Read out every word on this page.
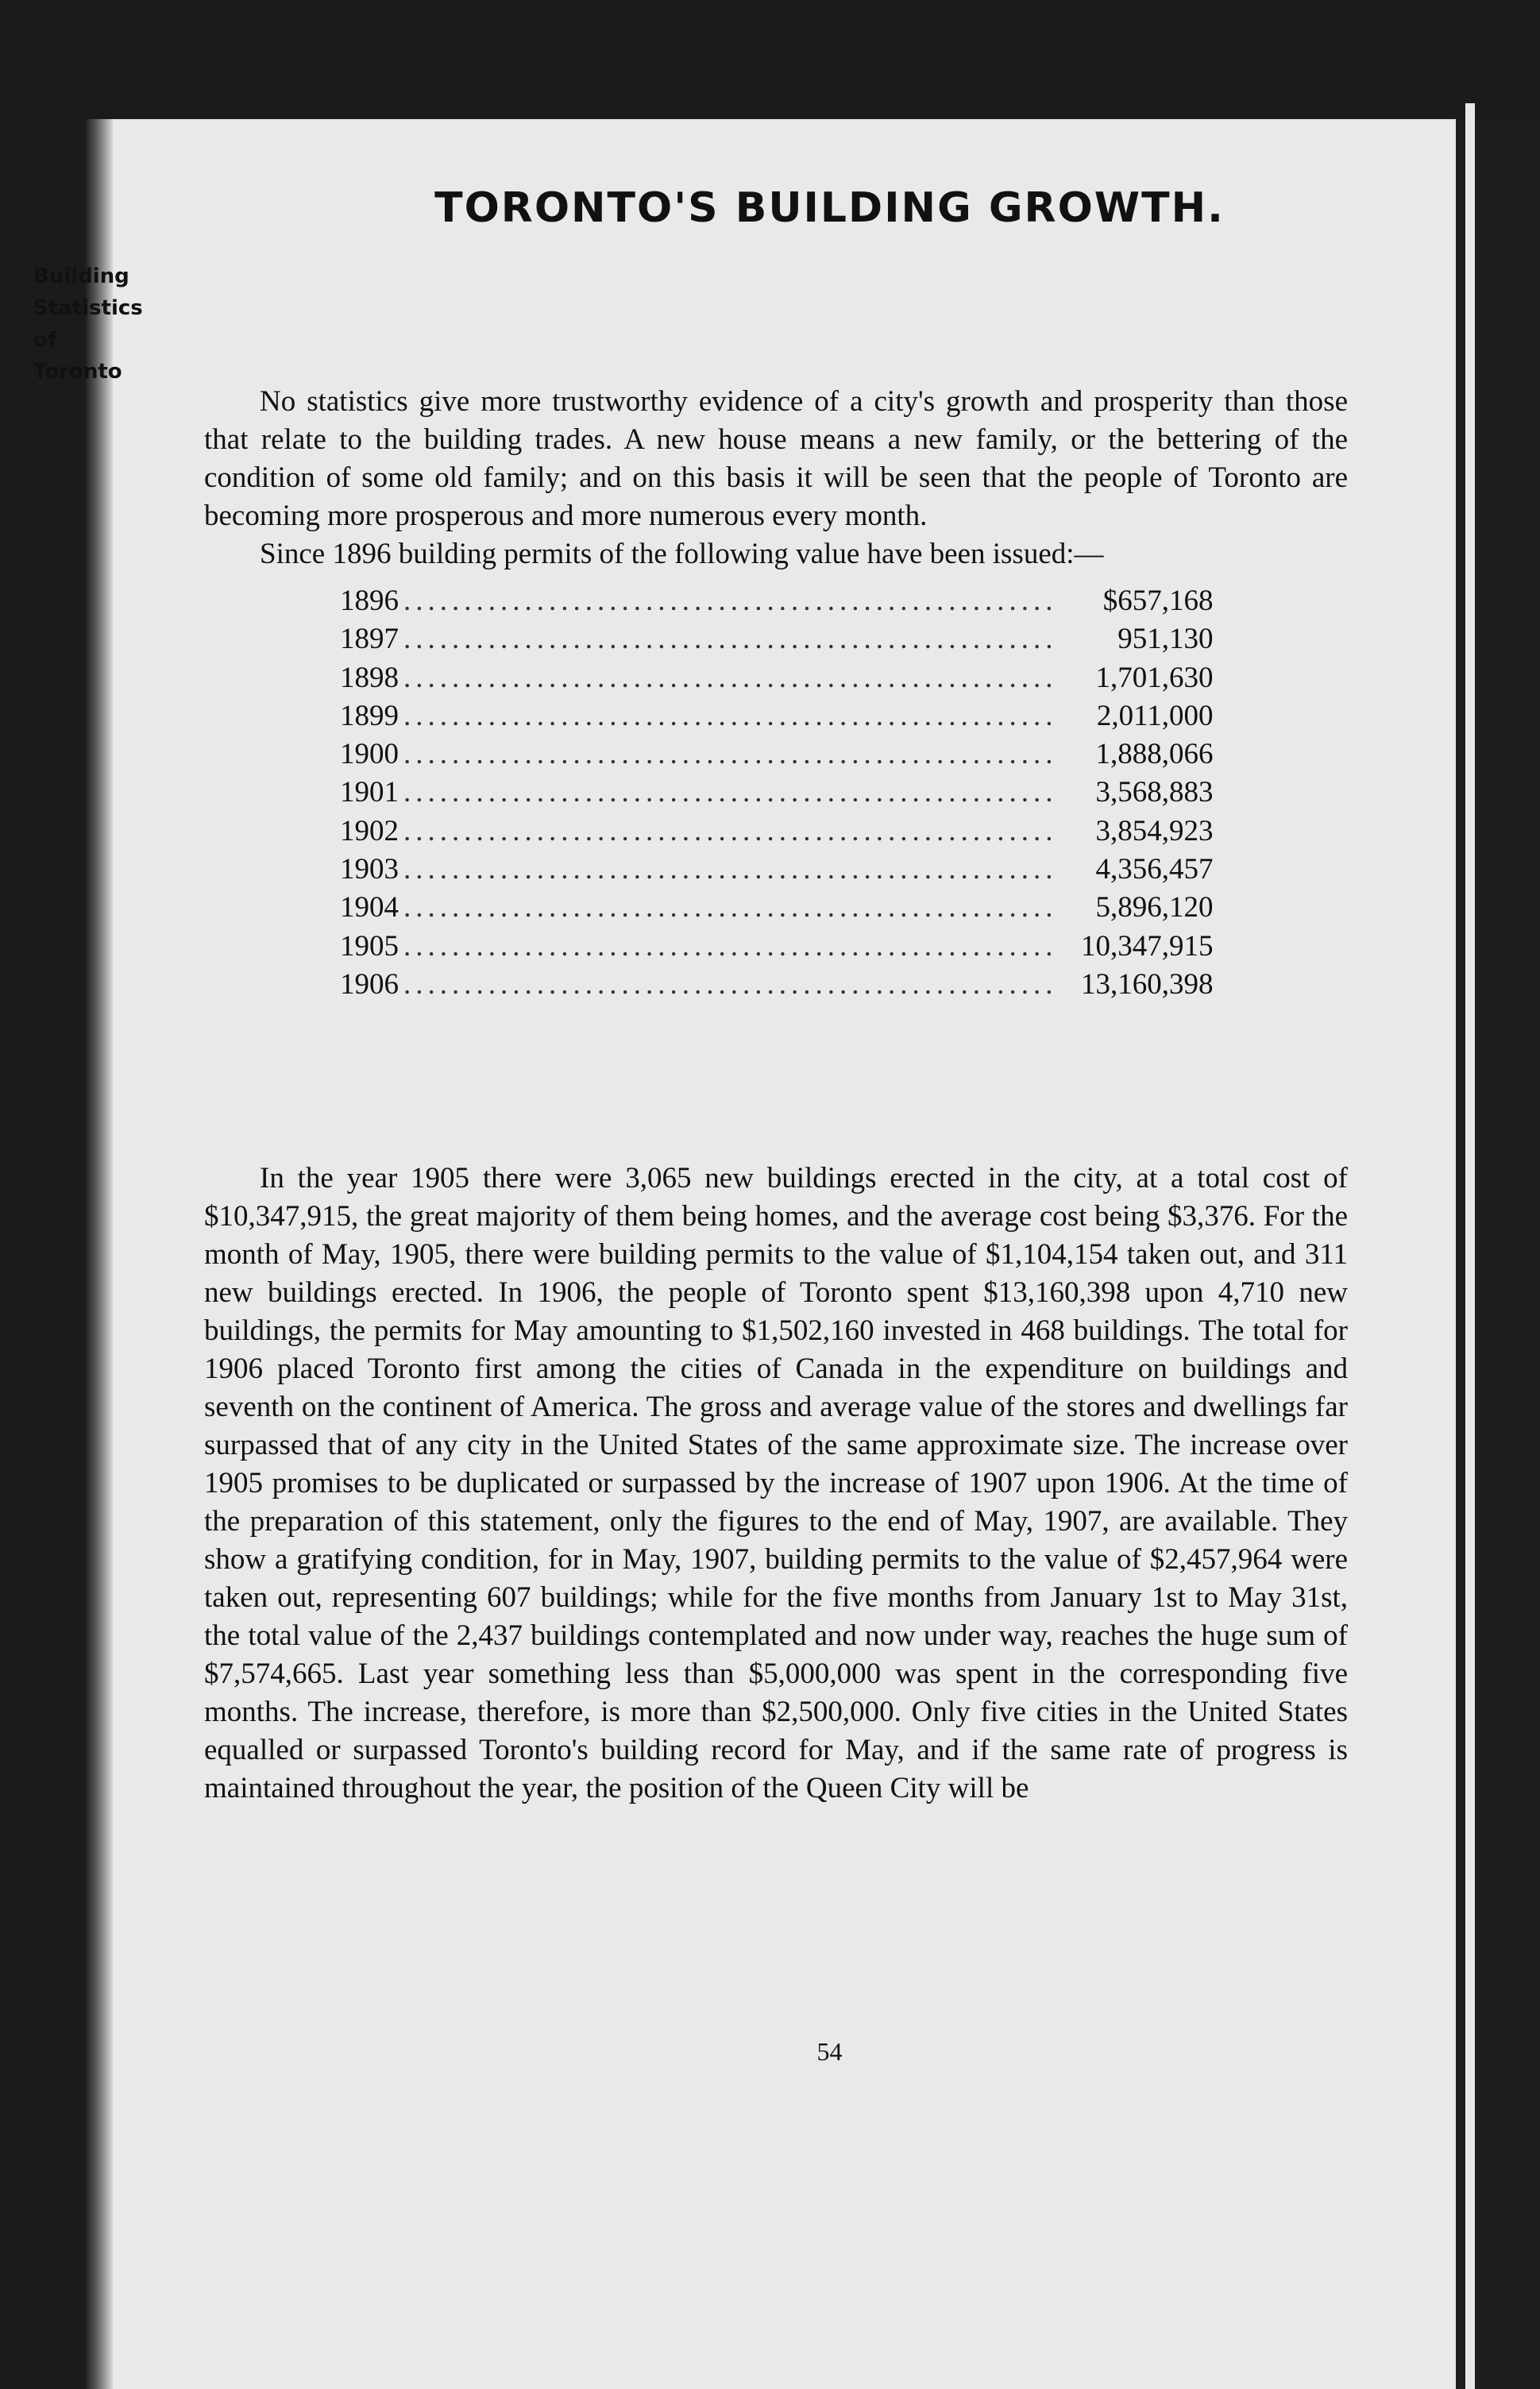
Building
Statistics
of
Toronto
TORONTO'S BUILDING GROWTH.

No statistics give more trustworthy evidence of a city's growth and prosperity than those that relate to the building trades. A new house means a new family, or the bettering of the condition of some old family; and on this basis it will be seen that the people of Toronto are becoming more prosperous and more numerous every month.

Since 1896 building permits of the following value have been issued:—

1896 ......................................................	$657,168
1897 ......................................................	951,130
1898 ......................................................	1,701,630
1899 ......................................................	2,011,000
1900 ......................................................	1,888,066
1901 ......................................................	3,568,883
1902 ......................................................	3,854,923
1903 ......................................................	4,356,457
1904 ......................................................	5,896,120
1905 ...................................................... 10,347,915
1906 ...................................................... 13,160,398

In the year 1905 there were 3,065 new buildings erected in the city, at a total cost of $10,347,915, the great majority of them being homes, and the average cost being $3,376. For the month of May, 1905, there were building permits to the value of $1,104,154 taken out, and 311 new buildings erected. In 1906, the people of Toronto spent $13,160,398 upon 4,710 new buildings, the permits for May amounting to $1,502,160 invested in 468 buildings. The total for 1906 placed Toronto first among the cities of Canada in the expenditure on buildings and seventh on the continent of America. The gross and average value of the stores and dwellings far surpassed that of any city in the United States of the same approximate size. The increase over 1905 promises to be duplicated or surpassed by the increase of 1907 upon 1906. At the time of the preparation of this statement, only the figures to the end of May, 1907, are available. They show a gratifying condition, for in May, 1907, building permits to the value of $2,457,964 were taken out, representing 607 buildings; while for the five months from January 1st to May 31st, the total value of the 2,437 buildings contemplated and now under way, reaches the huge sum of $7,574,665. Last year something less than $5,000,000 was spent in the corresponding five months. The increase, therefore, is more than $2,500,000. Only five cities in the United States equalled or surpassed Toronto's building record for May, and if the same rate of progress is maintained throughout the year, the position of the Queen City will be

54
